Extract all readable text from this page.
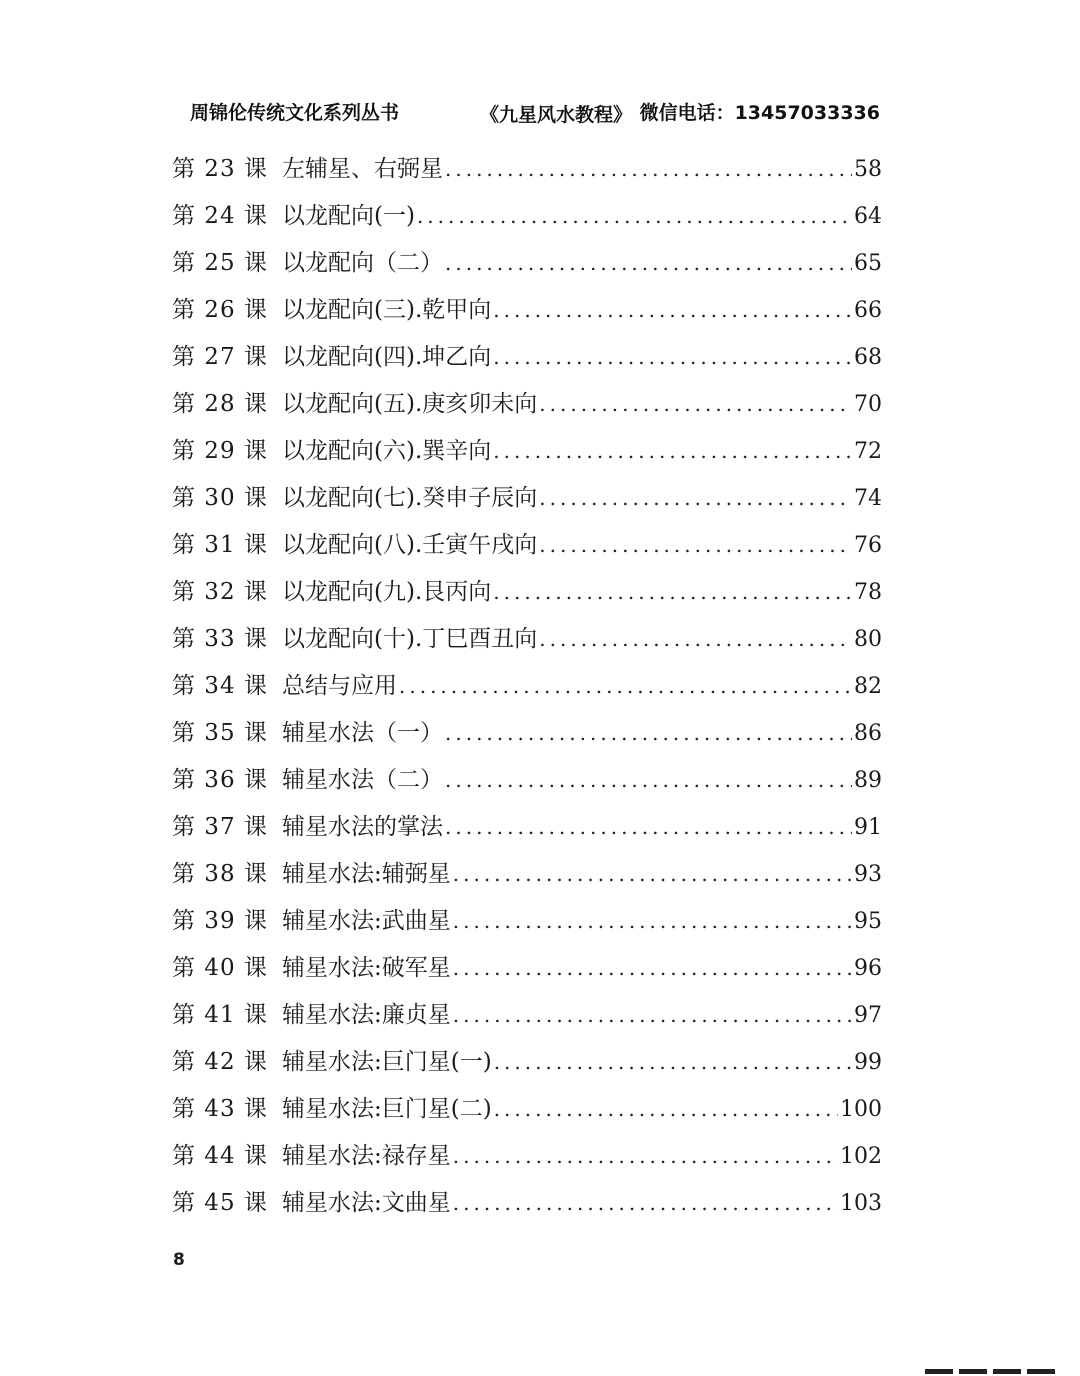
周锦伦传统文化系列丛书	《九星风水教程》 微信电话：13457033336
第 23 课 左辅星、右弼星 .....	58
第 24 课 以龙配向(一) .....	64
第 25 课 以龙配向（二） .....	65
第 26 课 以龙配向(三).乾甲向 .....	66
第 27 课 以龙配向(四).坤乙向 .....	68
第 28 课 以龙配向(五).庚亥卯未向 .....	70
第 29 课 以龙配向(六).巽辛向 .....	72
第 30 课 以龙配向(七).癸申子辰向 .....	74
第 31 课 以龙配向(八).壬寅午戌向 .....	76
第 32 课 以龙配向(九).艮丙向 .....	78
第 33 课 以龙配向(十).丁巳酉丑向 .....	80
第 34 课 总结与应用 .....	82
第 35 课 辅星水法（一） .....	86
第 36 课 辅星水法（二） .....	89
第 37 课 辅星水法的掌法 .....	91
第 38 课 辅星水法:辅弼星 .....	93
第 39 课 辅星水法:武曲星 .....	95
第 40 课 辅星水法:破军星 .....	96
第 41 课 辅星水法:廉贞星 .....	97
第 42 课 辅星水法:巨门星(一) .....	99
第 43 课 辅星水法:巨门星(二) .....	100
第 44 课 辅星水法:禄存星 .....	102
第 45 课 辅星水法:文曲星 .....	103
8
